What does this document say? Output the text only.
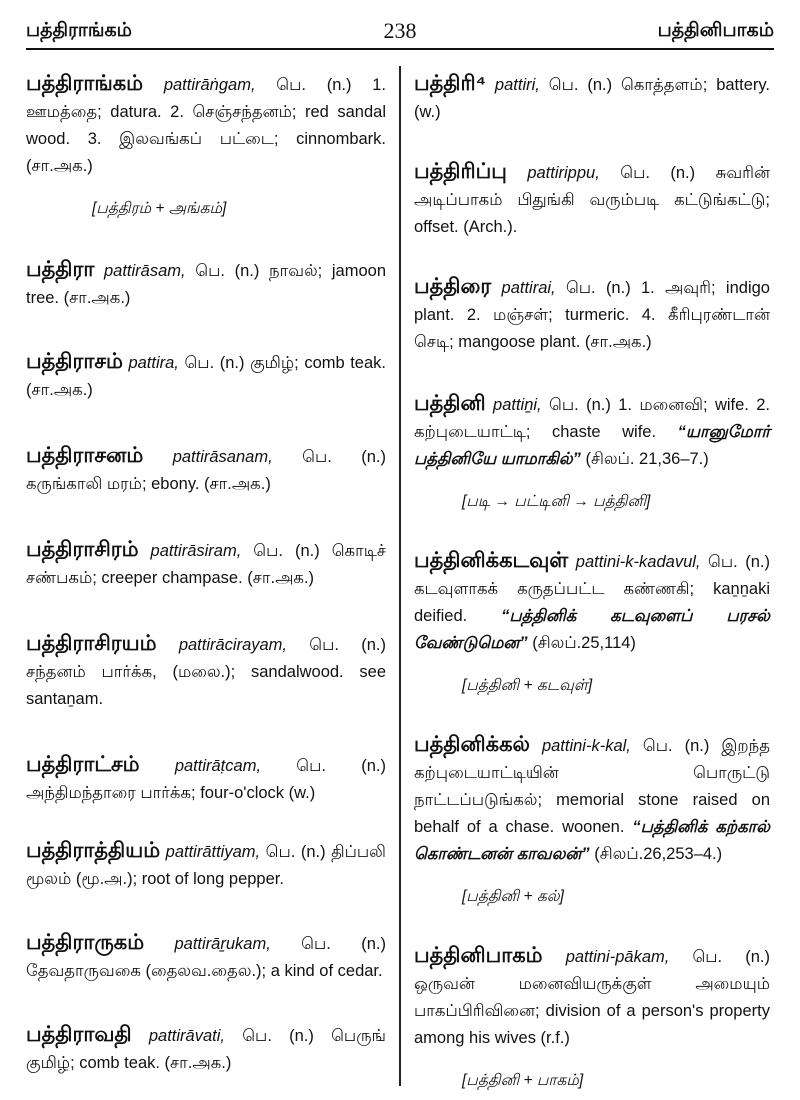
பத்திராங்கம்	238	பத்தினிபாகம்
பத்திராங்கம் pattirāṅgam, பெ. (n.) 1. ஊமத்தை; datura. 2. செஞ்சந்தனம்; red sandal wood. 3. இலவங்கப் பட்டை; cinnombark. (சா.அக.)
[பத்திரம் + அங்கம்]
பத்திரா pattirāsam, பெ. (n.) நாவல்; jamoon tree. (சா.அக.)
பத்திராசம் pattira, பெ. (n.) குமிழ்; comb teak. (சா.அக.)
பத்திராசனம் pattirāsanam, பெ. (n.) கருங்காலி மரம்; ebony. (சா.அக.)
பத்திராசிரம் pattirāsiram, பெ. (n.) கொடிச் சண்பகம்; creeper champase. (சா.அக.)
பத்திராசிரயம் pattirācirayam, பெ. (n.) சந்தனம் பார்க்க, (மலை.); sandalwood. see santaṉam.
பத்திராட்சம் pattirāṭcam, பெ. (n.) அந்திமந்தாரை பார்க்க; four-o'clock (w.)
பத்திராத்தியம் pattirāttiyam, பெ. (n.) திப்பலி மூலம் (மூ.அ.); root of long pepper.
பத்திராருகம் pattirāṟukam, பெ. (n.) தேவதாருவகை (தைலவ.தைல.); a kind of cedar.
பத்திராவதி pattirāvati, பெ. (n.) பெருங் குமிழ்; comb teak. (சா.அக.)
பத்திரி⁴ pattiri, பெ. (n.) கொத்தளம்; battery. (w.)
பத்திரிப்பு pattirippu, பெ. (n.) சுவரின் அடிப்பாகம் பிதுங்கி வரும்படி கட்டுங்கட்டு; offset. (Arch.).
பத்திரை pattirai, பெ. (n.) 1. அவுரி; indigo plant. 2. மஞ்சள்; turmeric. 4. கீரிபுரண்டான் செடி; mangoose plant. (சா.அக.)
பத்தினி pattiṉi, பெ. (n.) 1. மனைவி; wife. 2. கற்புடையாட்டி; chaste wife. “யானுமோர் பத்தினியே யாமாகில்” (சிலப். 21,36–7.)
[படி → பட்டினி → பத்தினி]
பத்தினிக்கடவுள் pattini-k-kadavul, பெ. (n.) கடவுளாகக் கருதப்பட்ட கண்ணகி; kaṉṉaki deified. “பத்தினிக் கடவுளைப் பரசல் வேண்டுமென” (சிலப்.25,114)
[பத்தினி + கடவுள்]
பத்தினிக்கல் pattini-k-kal, பெ. (n.) இறந்த கற்புடையாட்டியின் பொருட்டு நாட்டப்படுங்கல்; memorial stone raised on behalf of a chase. woonen. “பத்தினிக் கற்கால் கொண்டனன் காவலன்” (சிலப்.26,253–4.)
[பத்தினி + கல்]
பத்தினிபாகம் pattini-pākam, பெ. (n.) ஒருவன் மனைவியருக்குள் அமையும் பாகப்பிரிவினை; division of a person's property among his wives (r.f.)
[பத்தினி + பாகம்]
